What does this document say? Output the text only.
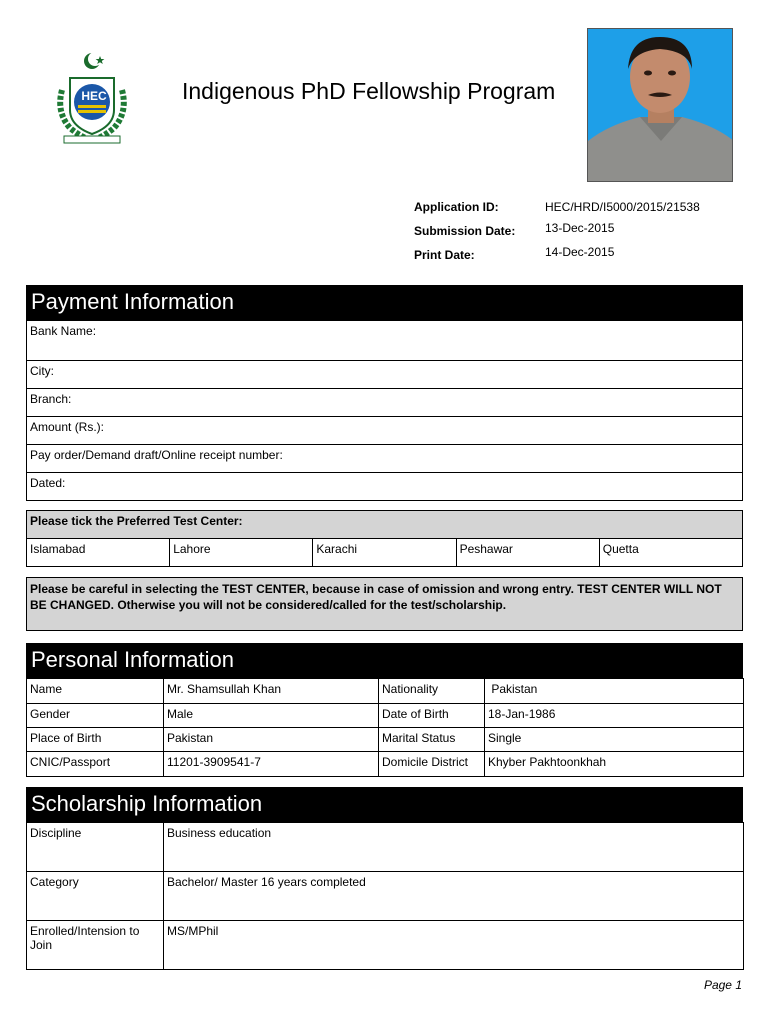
HEC	Indigenous PhD Fellowship Program
Application ID:	HEC/HRD/I5000/2015/21538
Submission Date: 13-Dec-2015
Print Date:	14-Dec-2015
Payment Information
Bank Name:
City:
Branch:
Amount (Rs.):
Pay order/Demand draft/Online receipt number:
Dated:
Please tick the Preferred Test Center:
Islamabad	Lahore	Karachi	Peshawar	Quetta
Please be careful in selecting the TEST CENTER, because in case of omission and wrong entry. TEST CENTER WILL NOT BE CHANGED. Otherwise you will not be considered/called for the test/scholarship.
Personal Information
Name	Mr. Shamsullah Khan	Nationality	Pakistan
Gender	Male	Date of Birth	18-Jan-1986
Place of Birth	Pakistan	Marital Status	Single
CNIC/Passport	11201-3909541-7	Domicile District	Khyber Pakhtoonkhah
Scholarship Information
Discipline	Business education
Category	Bachelor/ Master 16 years completed
Enrolled/Intension to Join	MS/MPhil
Page 1
